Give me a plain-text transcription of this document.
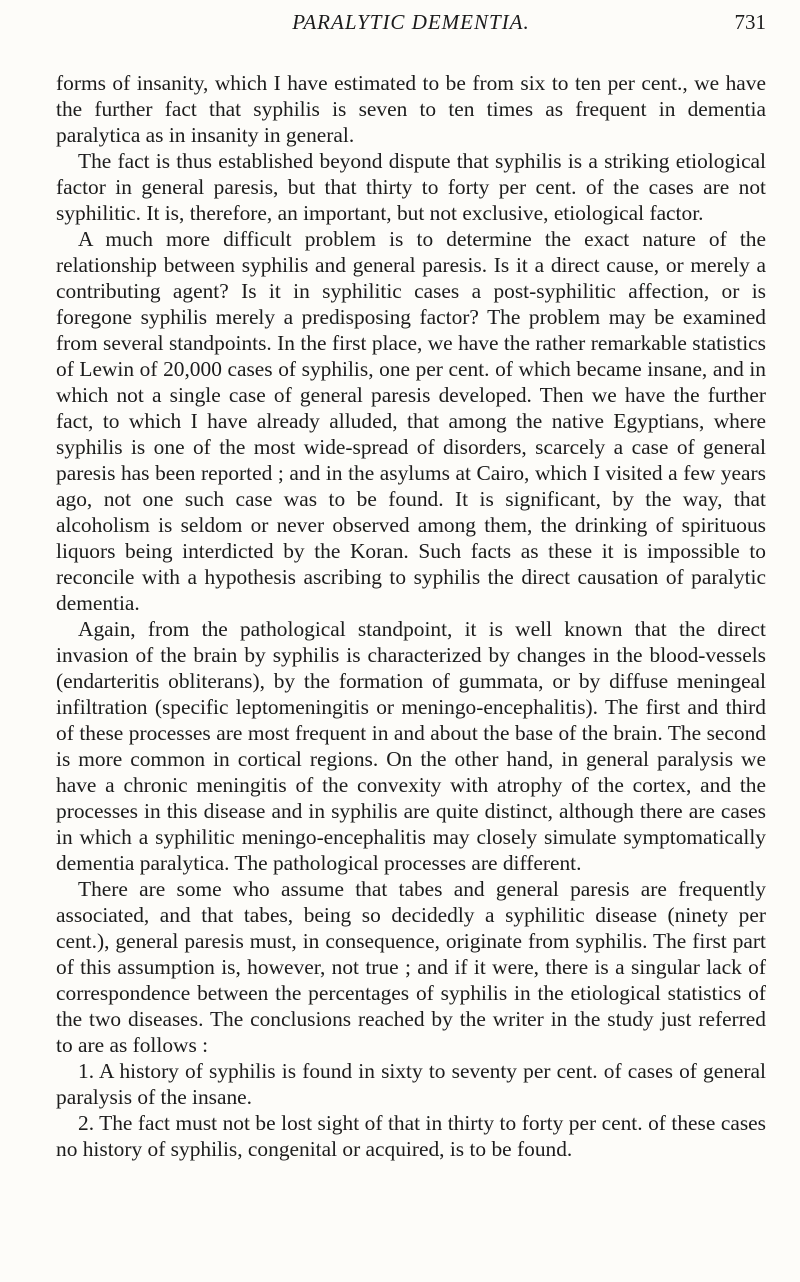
PARALYTIC DEMENTIA.	731

forms of insanity, which I have estimated to be from six to ten per cent., we have the further fact that syphilis is seven to ten times as frequent in dementia paralytica as in insanity in general.

The fact is thus established beyond dispute that syphilis is a striking etiological factor in general paresis, but that thirty to forty per cent. of the cases are not syphilitic. It is, therefore, an important, but not exclusive, etiological factor.

A much more difficult problem is to determine the exact nature of the relationship between syphilis and general paresis. Is it a direct cause, or merely a contributing agent? Is it in syphilitic cases a post-syphilitic affection, or is foregone syphilis merely a predisposing factor? The problem may be examined from several standpoints. In the first place, we have the rather remarkable statistics of Lewin of 20,000 cases of syphilis, one per cent. of which became insane, and in which not a single case of general paresis developed. Then we have the further fact, to which I have already alluded, that among the native Egyptians, where syphilis is one of the most wide-spread of disorders, scarcely a case of general paresis has been reported ; and in the asylums at Cairo, which I visited a few years ago, not one such case was to be found. It is significant, by the way, that alcoholism is seldom or never observed among them, the drinking of spirituous liquors being interdicted by the Koran. Such facts as these it is impossible to reconcile with a hypothesis ascribing to syphilis the direct causation of paralytic dementia.

Again, from the pathological standpoint, it is well known that the direct invasion of the brain by syphilis is characterized by changes in the blood-vessels (endarteritis obliterans), by the formation of gummata, or by diffuse meningeal infiltration (specific leptomeningitis or meningo-encephalitis). The first and third of these processes are most frequent in and about the base of the brain. The second is more common in cortical regions. On the other hand, in general paralysis we have a chronic meningitis of the convexity with atrophy of the cortex, and the processes in this disease and in syphilis are quite distinct, although there are cases in which a syphilitic meningo-encephalitis may closely simulate symptomatically dementia paralytica. The pathological processes are different.

There are some who assume that tabes and general paresis are frequently associated, and that tabes, being so decidedly a syphilitic disease (ninety per cent.), general paresis must, in consequence, originate from syphilis. The first part of this assumption is, however, not true ; and if it were, there is a singular lack of correspondence between the percentages of syphilis in the etiological statistics of the two diseases. The conclusions reached by the writer in the study just referred to are as follows :

1. A history of syphilis is found in sixty to seventy per cent. of cases of general paralysis of the insane.

2. The fact must not be lost sight of that in thirty to forty per cent. of these cases no history of syphilis, congenital or acquired, is to be found.
